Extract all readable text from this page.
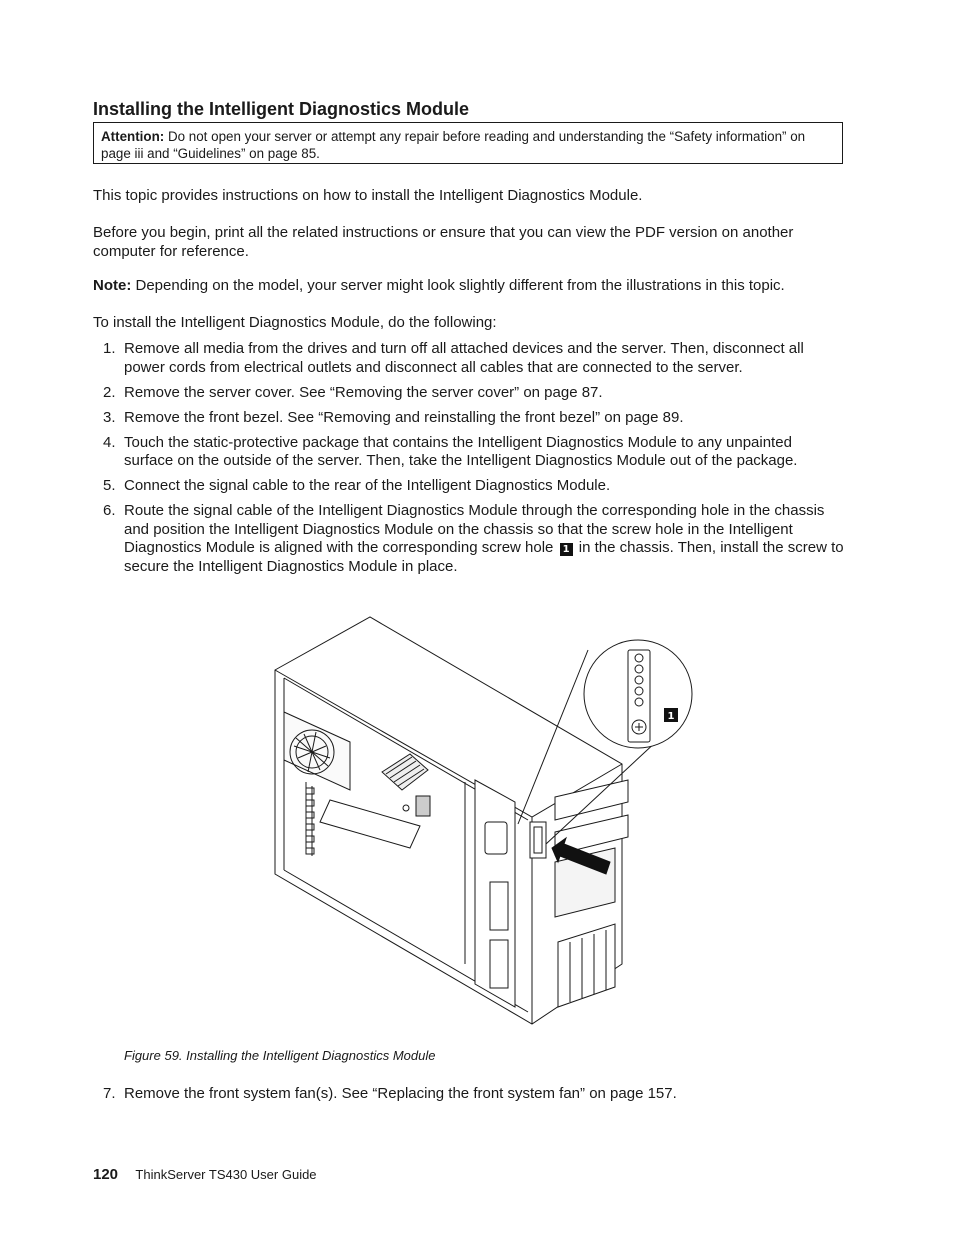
Installing the Intelligent Diagnostics Module
Attention: Do not open your server or attempt any repair before reading and understanding the “Safety information” on page iii and “Guidelines” on page 85.

This topic provides instructions on how to install the Intelligent Diagnostics Module.

Before you begin, print all the related instructions or ensure that you can view the PDF version on another computer for reference.

Note: Depending on the model, your server might look slightly different from the illustrations in this topic.

To install the Intelligent Diagnostics Module, do the following:

1. Remove all media from the drives and turn off all attached devices and the server. Then, disconnect all power cords from electrical outlets and disconnect all cables that are connected to the server.
2. Remove the server cover. See “Removing the server cover” on page 87.
3. Remove the front bezel. See “Removing and reinstalling the front bezel” on page 89.
4. Touch the static-protective package that contains the Intelligent Diagnostics Module to any unpainted surface on the outside of the server. Then, take the Intelligent Diagnostics Module out of the package.
5. Connect the signal cable to the rear of the Intelligent Diagnostics Module.
6. Route the signal cable of the Intelligent Diagnostics Module through the corresponding hole in the chassis and position the Intelligent Diagnostics Module on the chassis so that the screw hole in the Intelligent Diagnostics Module is aligned with the corresponding screw hole 1 in the chassis. Then, install the screw to secure the Intelligent Diagnostics Module in place.
1
Figure 59. Installing the Intelligent Diagnostics Module
7. Remove the front system fan(s). See “Replacing the front system fan” on page 157.
120 ThinkServer TS430 User Guide
